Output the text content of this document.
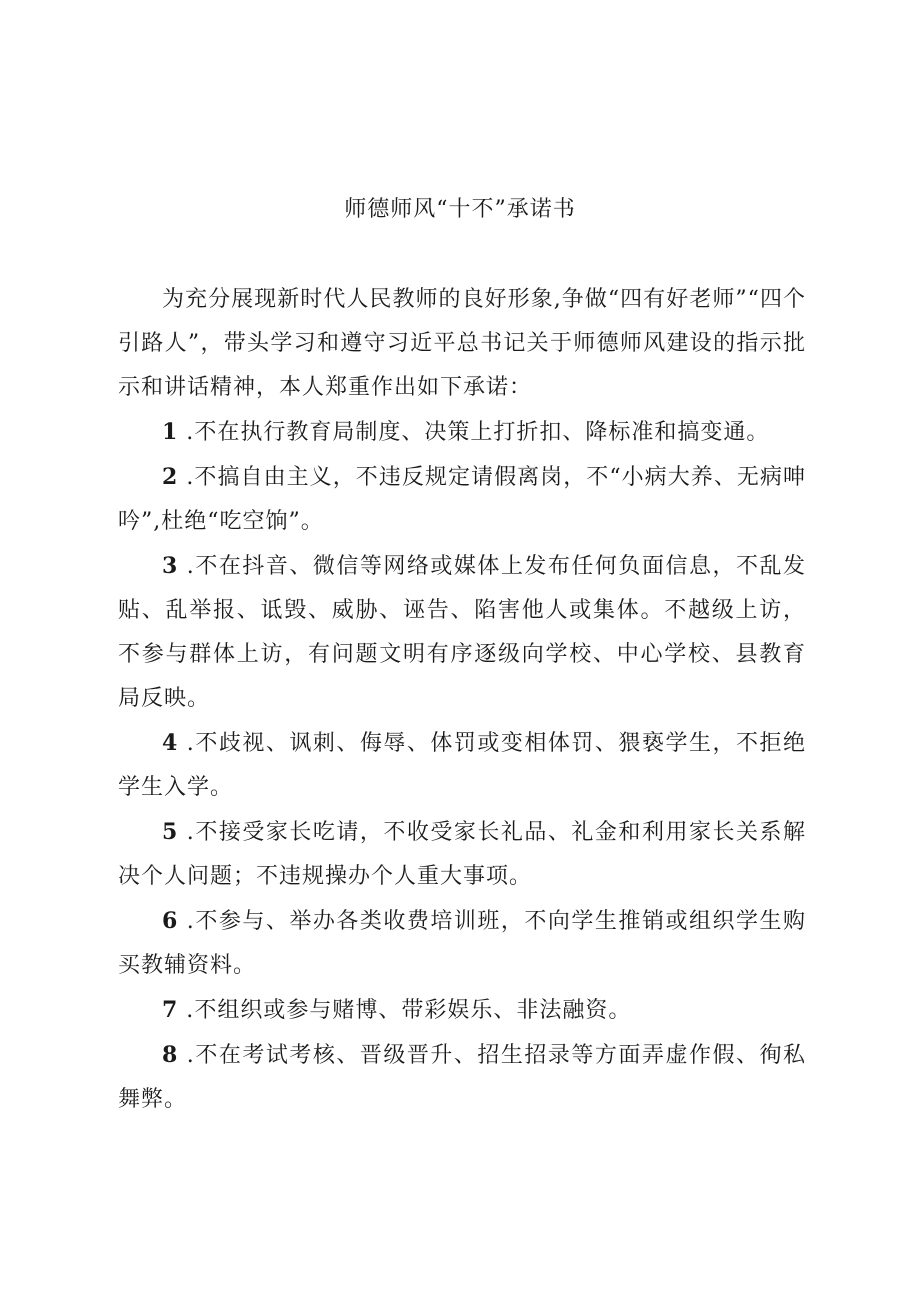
师德师风“十不”承诺书

为充分展现新时代人民教师的良好形象,争做“四有好老师”“四个引路人”，带头学习和遵守习近平总书记关于师德师风建设的指示批示和讲话精神，本人郑重作出如下承诺：

1 .不在执行教育局制度、决策上打折扣、降标准和搞变通。

2 .不搞自由主义，不违反规定请假离岗，不“小病大养、无病呻吟”,杜绝“吃空饷”。

3 .不在抖音、微信等网络或媒体上发布任何负面信息，不乱发贴、乱举报、诋毁、威胁、诬告、陷害他人或集体。不越级上访，不参与群体上访，有问题文明有序逐级向学校、中心学校、县教育局反映。

4 .不歧视、讽刺、侮辱、体罚或变相体罚、猥亵学生，不拒绝学生入学。

5 .不接受家长吃请，不收受家长礼品、礼金和利用家长关系解决个人问题；不违规操办个人重大事项。

6 .不参与、举办各类收费培训班，不向学生推销或组织学生购买教辅资料。

7 .不组织或参与赌博、带彩娱乐、非法融资。

8 .不在考试考核、晋级晋升、招生招录等方面弄虚作假、徇私舞弊。
